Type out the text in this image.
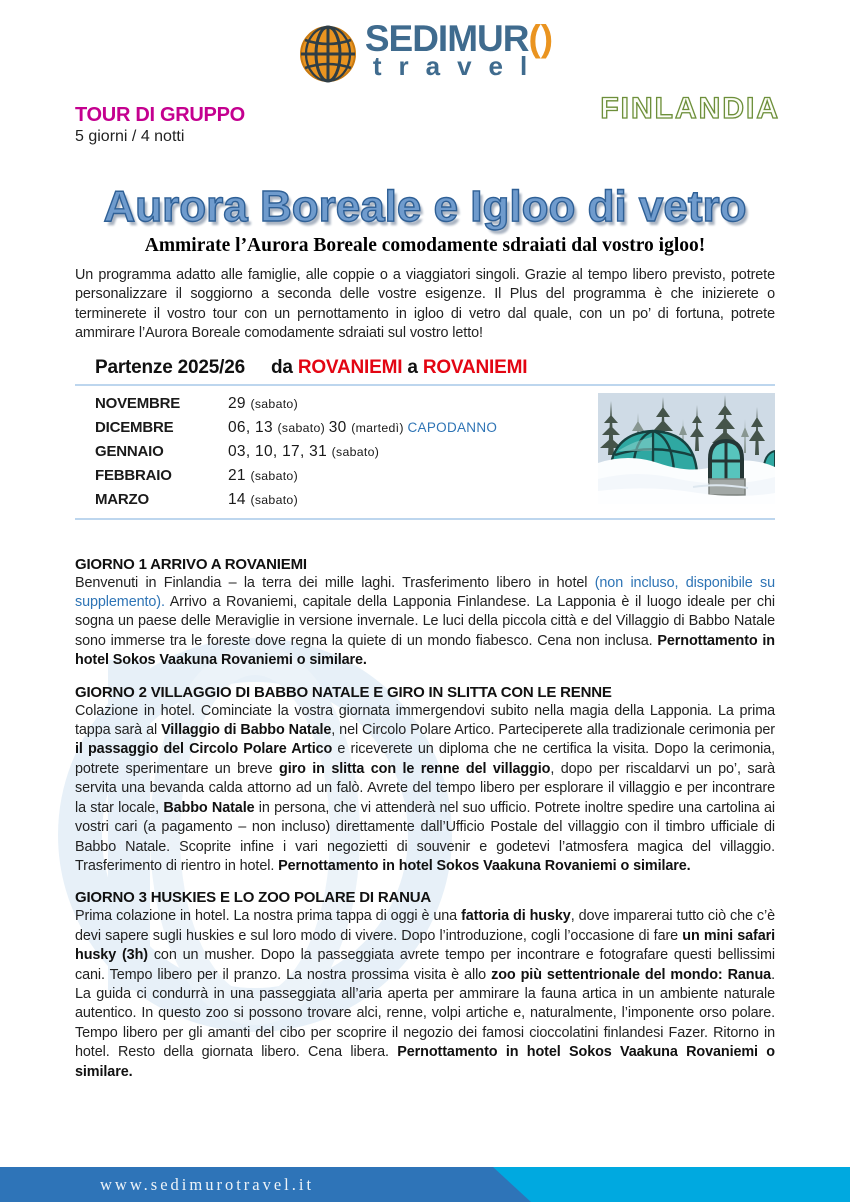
SEDIMUR()
travel
FINLANDIA
TOUR DI GRUPPO
5 giorni / 4 notti
Aurora Boreale e Igloo di vetro
Ammirate l’Aurora Boreale comodamente sdraiati dal vostro igloo!

Un programma adatto alle famiglie, alle coppie o a viaggiatori singoli. Grazie al tempo libero previsto, potrete personalizzare il soggiorno a seconda delle vostre esigenze. Il Plus del programma è che inizierete o terminerete il vostro tour con un pernottamento in igloo di vetro dal quale, con un po’ di fortuna, potrete ammirare l’Aurora Boreale comodamente sdraiati sul vostro letto!

Partenze 2025/26 da ROVANIEMI a ROVANIEMI
NOVEMBRE	29 (sabato)
DICEMBRE	06, 13 (sabato) 30 (martedì) CAPODANNO
GENNAIO	03, 10, 17, 31 (sabato)
FEBBRAIO	21 (sabato)
MARZO	14 (sabato)
GIORNO 1 ARRIVO A ROVANIEMI

Benvenuti in Finlandia – la terra dei mille laghi. Trasferimento libero in hotel (non incluso, disponibile su supplemento). Arrivo a Rovaniemi, capitale della Lapponia Finlandese. La Lapponia è il luogo ideale per chi sogna un paese delle Meraviglie in versione invernale. Le luci della piccola città e del Villaggio di Babbo Natale sono immerse tra le foreste dove regna la quiete di un mondo fiabesco. Cena non inclusa. Pernottamento in hotel Sokos Vaakuna Rovaniemi o similare.

GIORNO 2 VILLAGGIO DI BABBO NATALE E GIRO IN SLITTA CON LE RENNE

Colazione in hotel. Cominciate la vostra giornata immergendovi subito nella magia della Lapponia. La prima tappa sarà al Villaggio di Babbo Natale, nel Circolo Polare Artico. Parteciperete alla tradizionale cerimonia per il passaggio del Circolo Polare Artico e riceverete un diploma che ne certifica la visita. Dopo la cerimonia, potrete sperimentare un breve giro in slitta con le renne del villaggio, dopo per riscaldarvi un po’, sarà servita una bevanda calda attorno ad un falò. Avrete del tempo libero per esplorare il villaggio e per incontrare la star locale, Babbo Natale in persona, che vi attenderà nel suo ufficio. Potrete inoltre spedire una cartolina ai vostri cari (a pagamento – non incluso) direttamente dall’Ufficio Postale del villaggio con il timbro ufficiale di Babbo Natale. Scoprite infine i vari negozietti di souvenir e godetevi l’atmosfera magica del villaggio. Trasferimento di rientro in hotel. Pernottamento in hotel Sokos Vaakuna Rovaniemi o similare.

GIORNO 3 HUSKIES E LO ZOO POLARE DI RANUA

Prima colazione in hotel. La nostra prima tappa di oggi è una fattoria di husky, dove imparerai tutto ciò che c’è devi sapere sugli huskies e sul loro modo di vivere. Dopo l’introduzione, cogli l’occasione di fare un mini safari husky (3h) con un musher. Dopo la passeggiata avrete tempo per incontrare e fotografare questi bellissimi cani. Tempo libero per il pranzo. La nostra prossima visita è allo zoo più settentrionale del mondo: Ranua. La guida ci condurrà in una passeggiata all’aria aperta per ammirare la fauna artica in un ambiente naturale autentico. In questo zoo si possono trovare alci, renne, volpi artiche e, naturalmente, l’imponente orso polare. Tempo libero per gli amanti del cibo per scoprire il negozio dei famosi cioccolatini finlandesi Fazer. Ritorno in hotel. Resto della giornata libero. Cena libera. Pernottamento in hotel Sokos Vaakuna Rovaniemi o similare.

www.sedimurotravel.it
